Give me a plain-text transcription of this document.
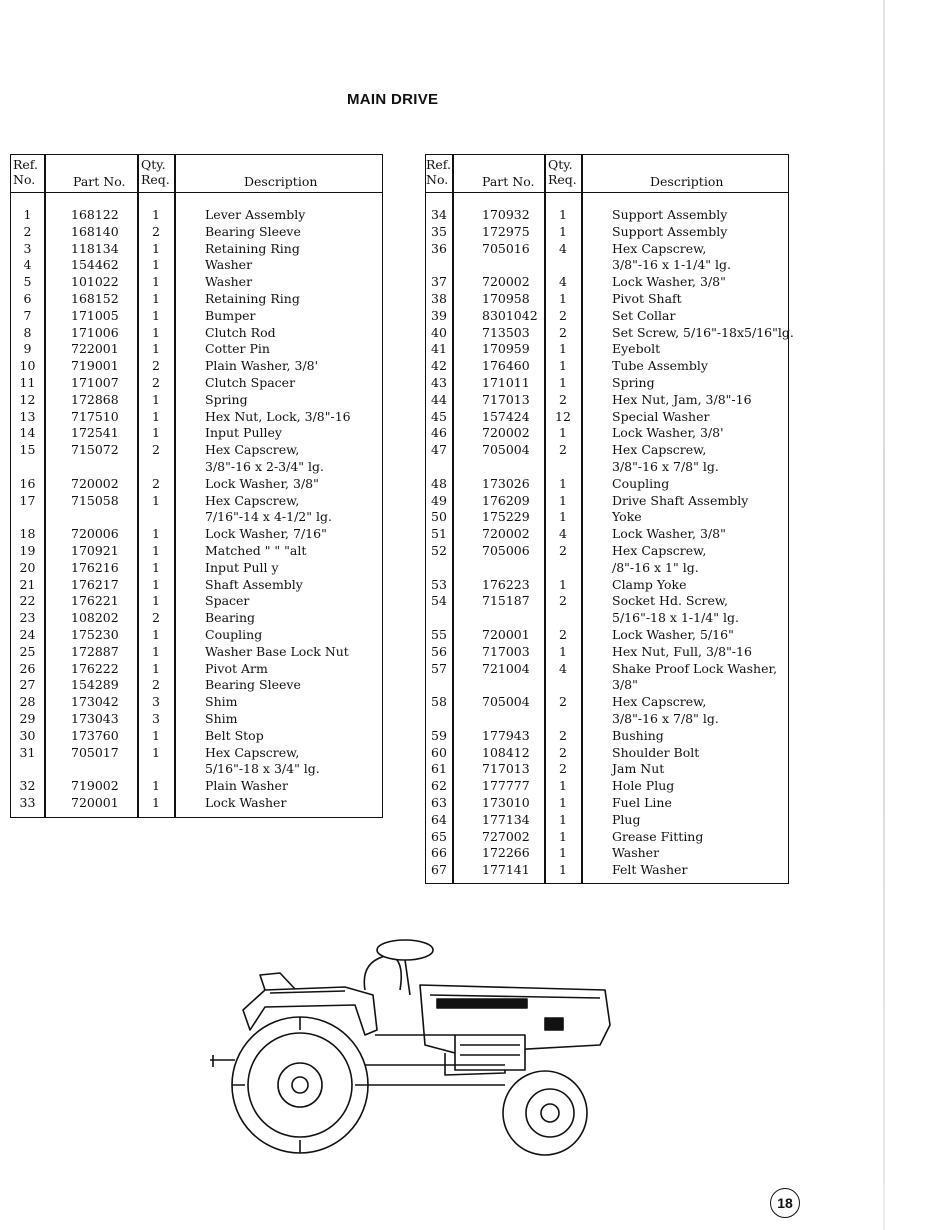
MAIN DRIVE
Ref.
No.	Part No.
Qty.
Req.	Description
1	168122	1	Lever Assembly
2	168140	2	Bearing Sleeve
3	118134	1	Retaining Ring
4	154462	1	Washer
5	101022	1	Washer
6	168152	1	Retaining Ring
7	171005	1	Bumper
8	171006	1	Clutch Rod
9	722001	1	Cotter Pin
10	719001	2	Plain Washer, 3/8'
11	171007	2	Clutch Spacer
12	172868	1	Spring
13	717510	1	Hex Nut, Lock, 3/8"-16
14	172541	1	Input Pulley
15	715072	2	Hex Capscrew,
3/8"-16 x 2-3/4" lg.
16	720002	2	Lock Washer, 3/8"
17	715058	1	Hex Capscrew,
7/16"-14 x 4-1/2" lg.
18	720006	1	Lock Washer, 7/16"
19	170921	1	Matched " " "alt
20	176216	1	Input Pull y
21	176217	1	Shaft Assembly
22	176221	1	Spacer
23	108202	2	Bearing
24	175230	1	Coupling
25	172887	1	Washer Base Lock Nut
26	176222	1	Pivot Arm
27	154289	2	Bearing Sleeve
28	173042	3	Shim
29	173043	3	Shim
30	173760	1	Belt Stop
31	705017	1	Hex Capscrew,
5/16"-18 x 3/4" lg.
32	719002	1	Plain Washer
33	720001	1	Lock Washer
Ref.
No.	Part No.
Qty.
Req.	Description
34	170932	1	Support Assembly
35	172975	1	Support Assembly
36	705016	4	Hex Capscrew,
3/8"-16 x 1-1/4" lg.
37	720002	4	Lock Washer, 3/8"
38	170958	1	Pivot Shaft
39	8301042	2	Set Collar
40	713503	2	Set Screw, 5/16"-18x5/16"lg.
41	170959	1	Eyebolt
42	176460	1	Tube Assembly
43	171011	1	Spring
44	717013	2	Hex Nut, Jam, 3/8"-16
45	157424	12	Special Washer
46	720002	1	Lock Washer, 3/8'
47	705004	2	Hex Capscrew,
3/8"-16 x 7/8" lg.
48	173026	1	Coupling
49	176209	1	Drive Shaft Assembly
50	175229	1	Yoke
51	720002	4	Lock Washer, 3/8"
52	705006	2	Hex Capscrew,
/8"-16 x 1" lg.
53	176223	1	Clamp Yoke
54	715187	2	Socket Hd. Screw,
5/16"-18 x 1-1/4" lg.
55	720001	2	Lock Washer, 5/16"
56	717003	1	Hex Nut, Full, 3/8"-16
57	721004	4	Shake Proof Lock Washer,
3/8"
58	705004	2	Hex Capscrew,
3/8"-16 x 7/8" lg.
59	177943	2	Bushing
60	108412	2	Shoulder Bolt
61	717013	2	Jam Nut
62	177777	1	Hole Plug
63	173010	1	Fuel Line
64	177134	1	Plug
65	727002	1	Grease Fitting
66	172266	1	Washer
67	177141	1	Felt Washer
18
